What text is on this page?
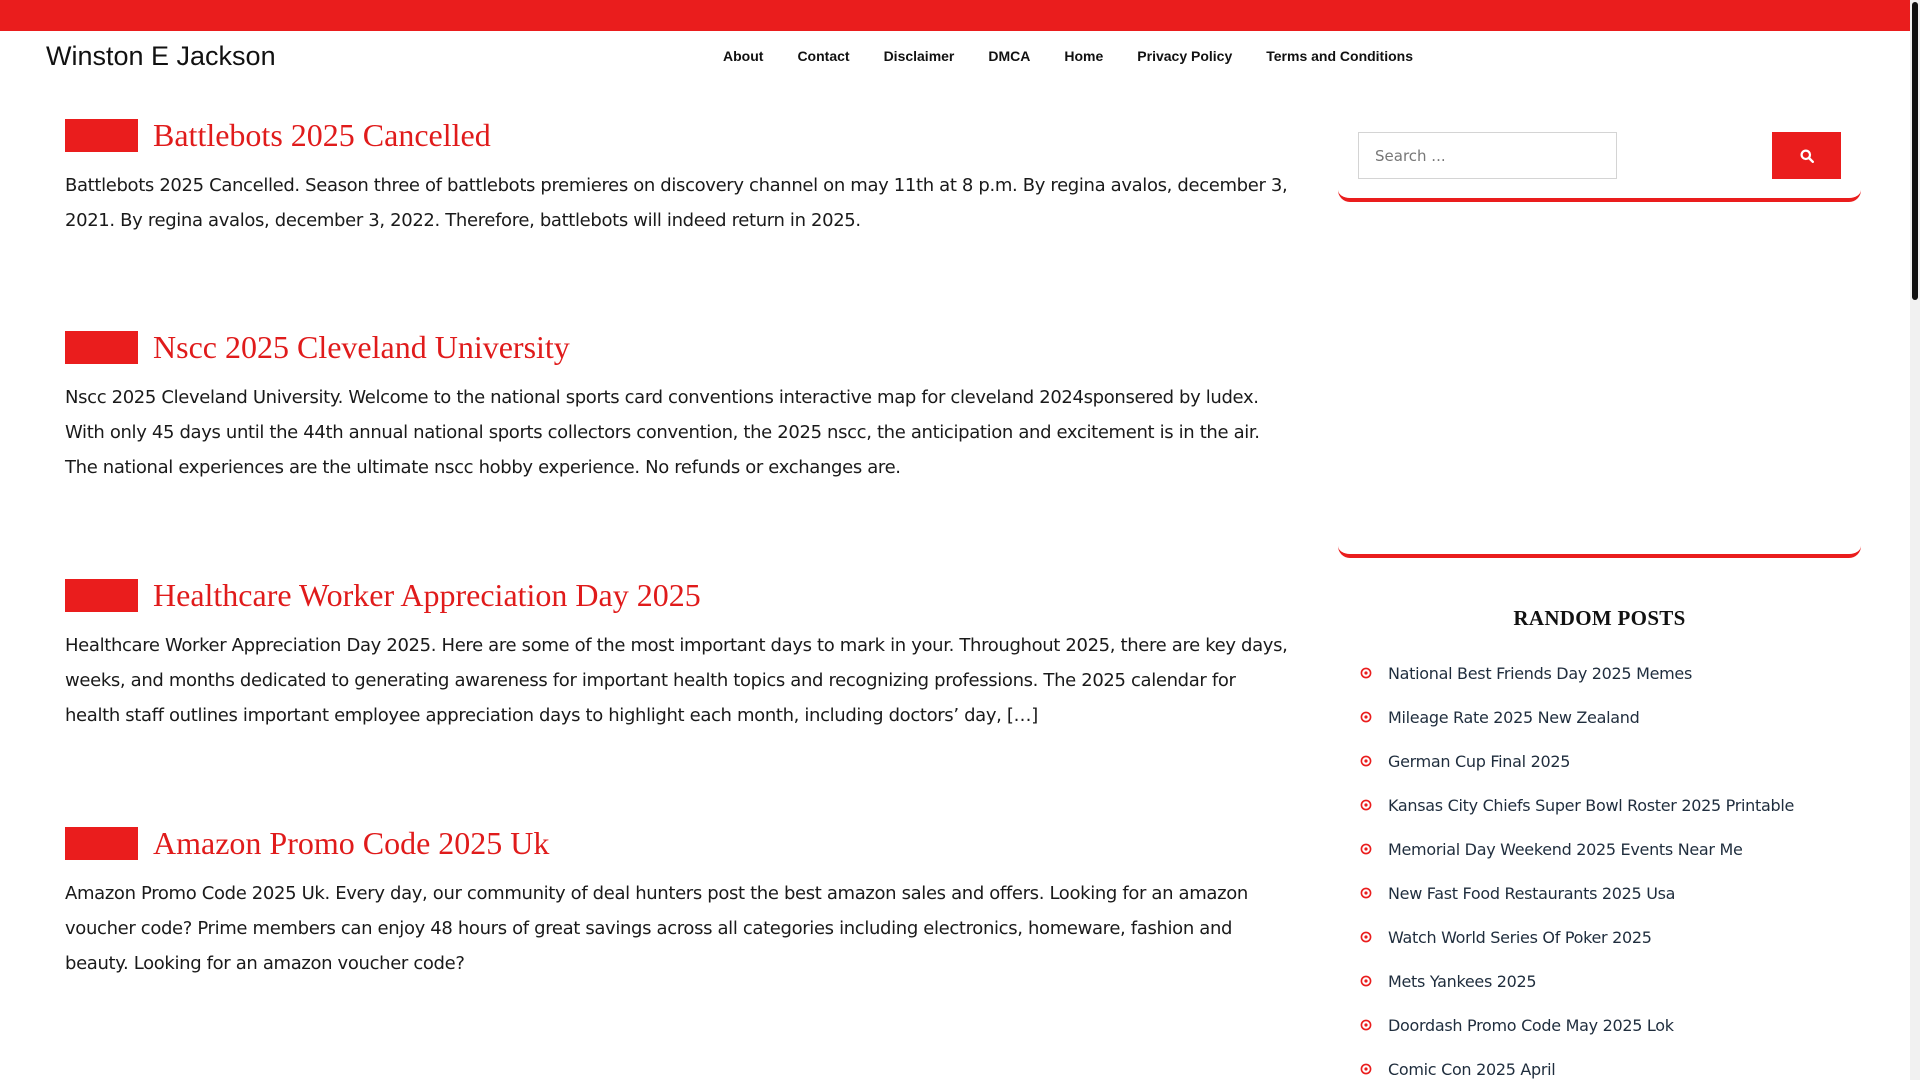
Winston E Jackson	About	Contact	Disclaimer	DMCA	Home	Privacy Policy	Terms and Conditions
Battlebots 2025 Cancelled

Battlebots 2025 Cancelled. Season three of battlebots premieres on discovery channel on may 11th at 8 p.m. By regina avalos, december 3, 2021. By regina avalos, december 3, 2022. Therefore, battlebots will indeed return in 2025.

Nscc 2025 Cleveland University

Nscc 2025 Cleveland University. Welcome to the national sports card conventions interactive map for cleveland 2024sponsered by ludex. With only 45 days until the 44th annual national sports collectors convention, the 2025 nscc, the anticipation and excitement is in the air. The national experiences are the ultimate nscc hobby experience. No refunds or exchanges are.

Healthcare Worker Appreciation Day 2025

Healthcare Worker Appreciation Day 2025. Here are some of the most important days to mark in your. Throughout 2025, there are key days, weeks, and months dedicated to generating awareness for important health topics and recognizing professions. The 2025 calendar for health staff outlines important employee appreciation days to highlight each month, including doctors’ day, […]

Amazon Promo Code 2025 Uk

Amazon Promo Code 2025 Uk. Every day, our community of deal hunters post the best amazon sales and offers. Looking for an amazon voucher code? Prime members can enjoy 48 hours of great savings across all categories including electronics, homeware, fashion and beauty. Looking for an amazon voucher code?

Search ...
RANDOM POSTS
National Best Friends Day 2025 Memes
Mileage Rate 2025 New Zealand
German Cup Final 2025
Kansas City Chiefs Super Bowl Roster 2025 Printable
Memorial Day Weekend 2025 Events Near Me
New Fast Food Restaurants 2025 Usa
Watch World Series Of Poker 2025
Mets Yankees 2025
Doordash Promo Code May 2025 Lok
Comic Con 2025 April
